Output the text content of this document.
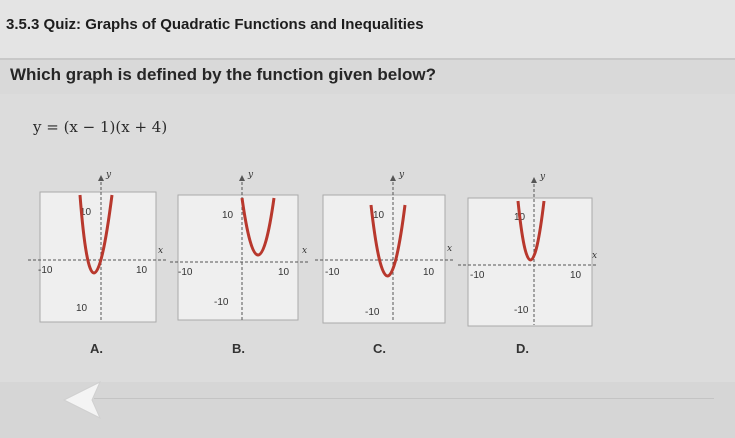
3.5.3 Quiz: Graphs of Quadratic Functions and Inequalities
Which graph is defined by the function given below?
y = (x − 1)(x + 4)
y
x
10
10
-10	10
A.
y
x
10
-10
-10	10
B.
y
x
10
-10
-10	10
C.
y
x
10
-10
-10	10
D.
